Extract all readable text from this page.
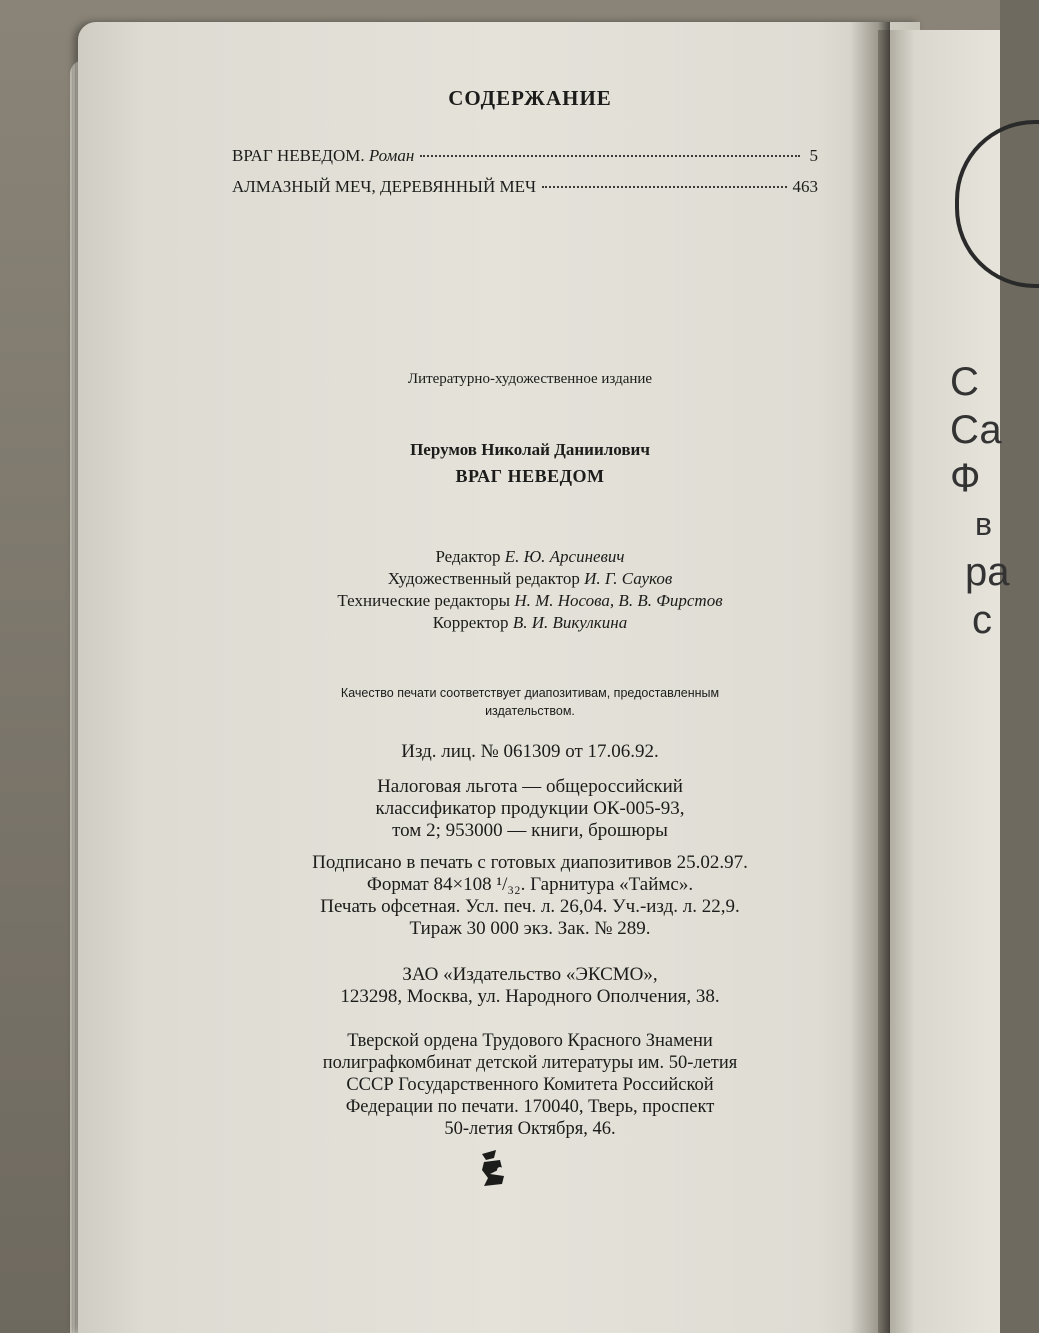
С
Са
Ф
в
ра
с
СОДЕРЖАНИЕ
ВРАГ НЕВЕДОМ.
Роман	5
АЛМАЗНЫЙ МЕЧ, ДЕРЕВЯННЫЙ МЕЧ	463
Литературно-художественное издание
Перумов Николай Даниилович
ВРАГ НЕВЕДОМ
Редактор Е. Ю. Арсиневич
Художественный редактор И. Г. Сауков
Технические редакторы Н. М. Носова, В. В. Фирстов
Корректор В. И. Викулкина
Качество печати соответствует диапозитивам, предоставленным
издательством.
Изд. лиц. № 061309 от 17.06.92.
Налоговая льгота — общероссийский
классификатор продукции ОК-005-93,
том 2; 953000 — книги, брошюры
Подписано в печать с готовых диапозитивов 25.02.97.
Формат 84×108 ¹/₃₂. Гарнитура «Таймс».
Печать офсетная. Усл. печ. л. 26,04. Уч.-изд. л. 22,9.
Тираж 30 000 экз. Зак. № 289.
ЗАО «Издательство «ЭКСМО»,
123298, Москва, ул. Народного Ополчения, 38.
Тверской ордена Трудового Красного Знамени
полиграфкомбинат детской литературы им. 50-летия
СССР Государственного Комитета Российской
Федерации по печати. 170040, Тверь, проспект
50-летия Октября, 46.
